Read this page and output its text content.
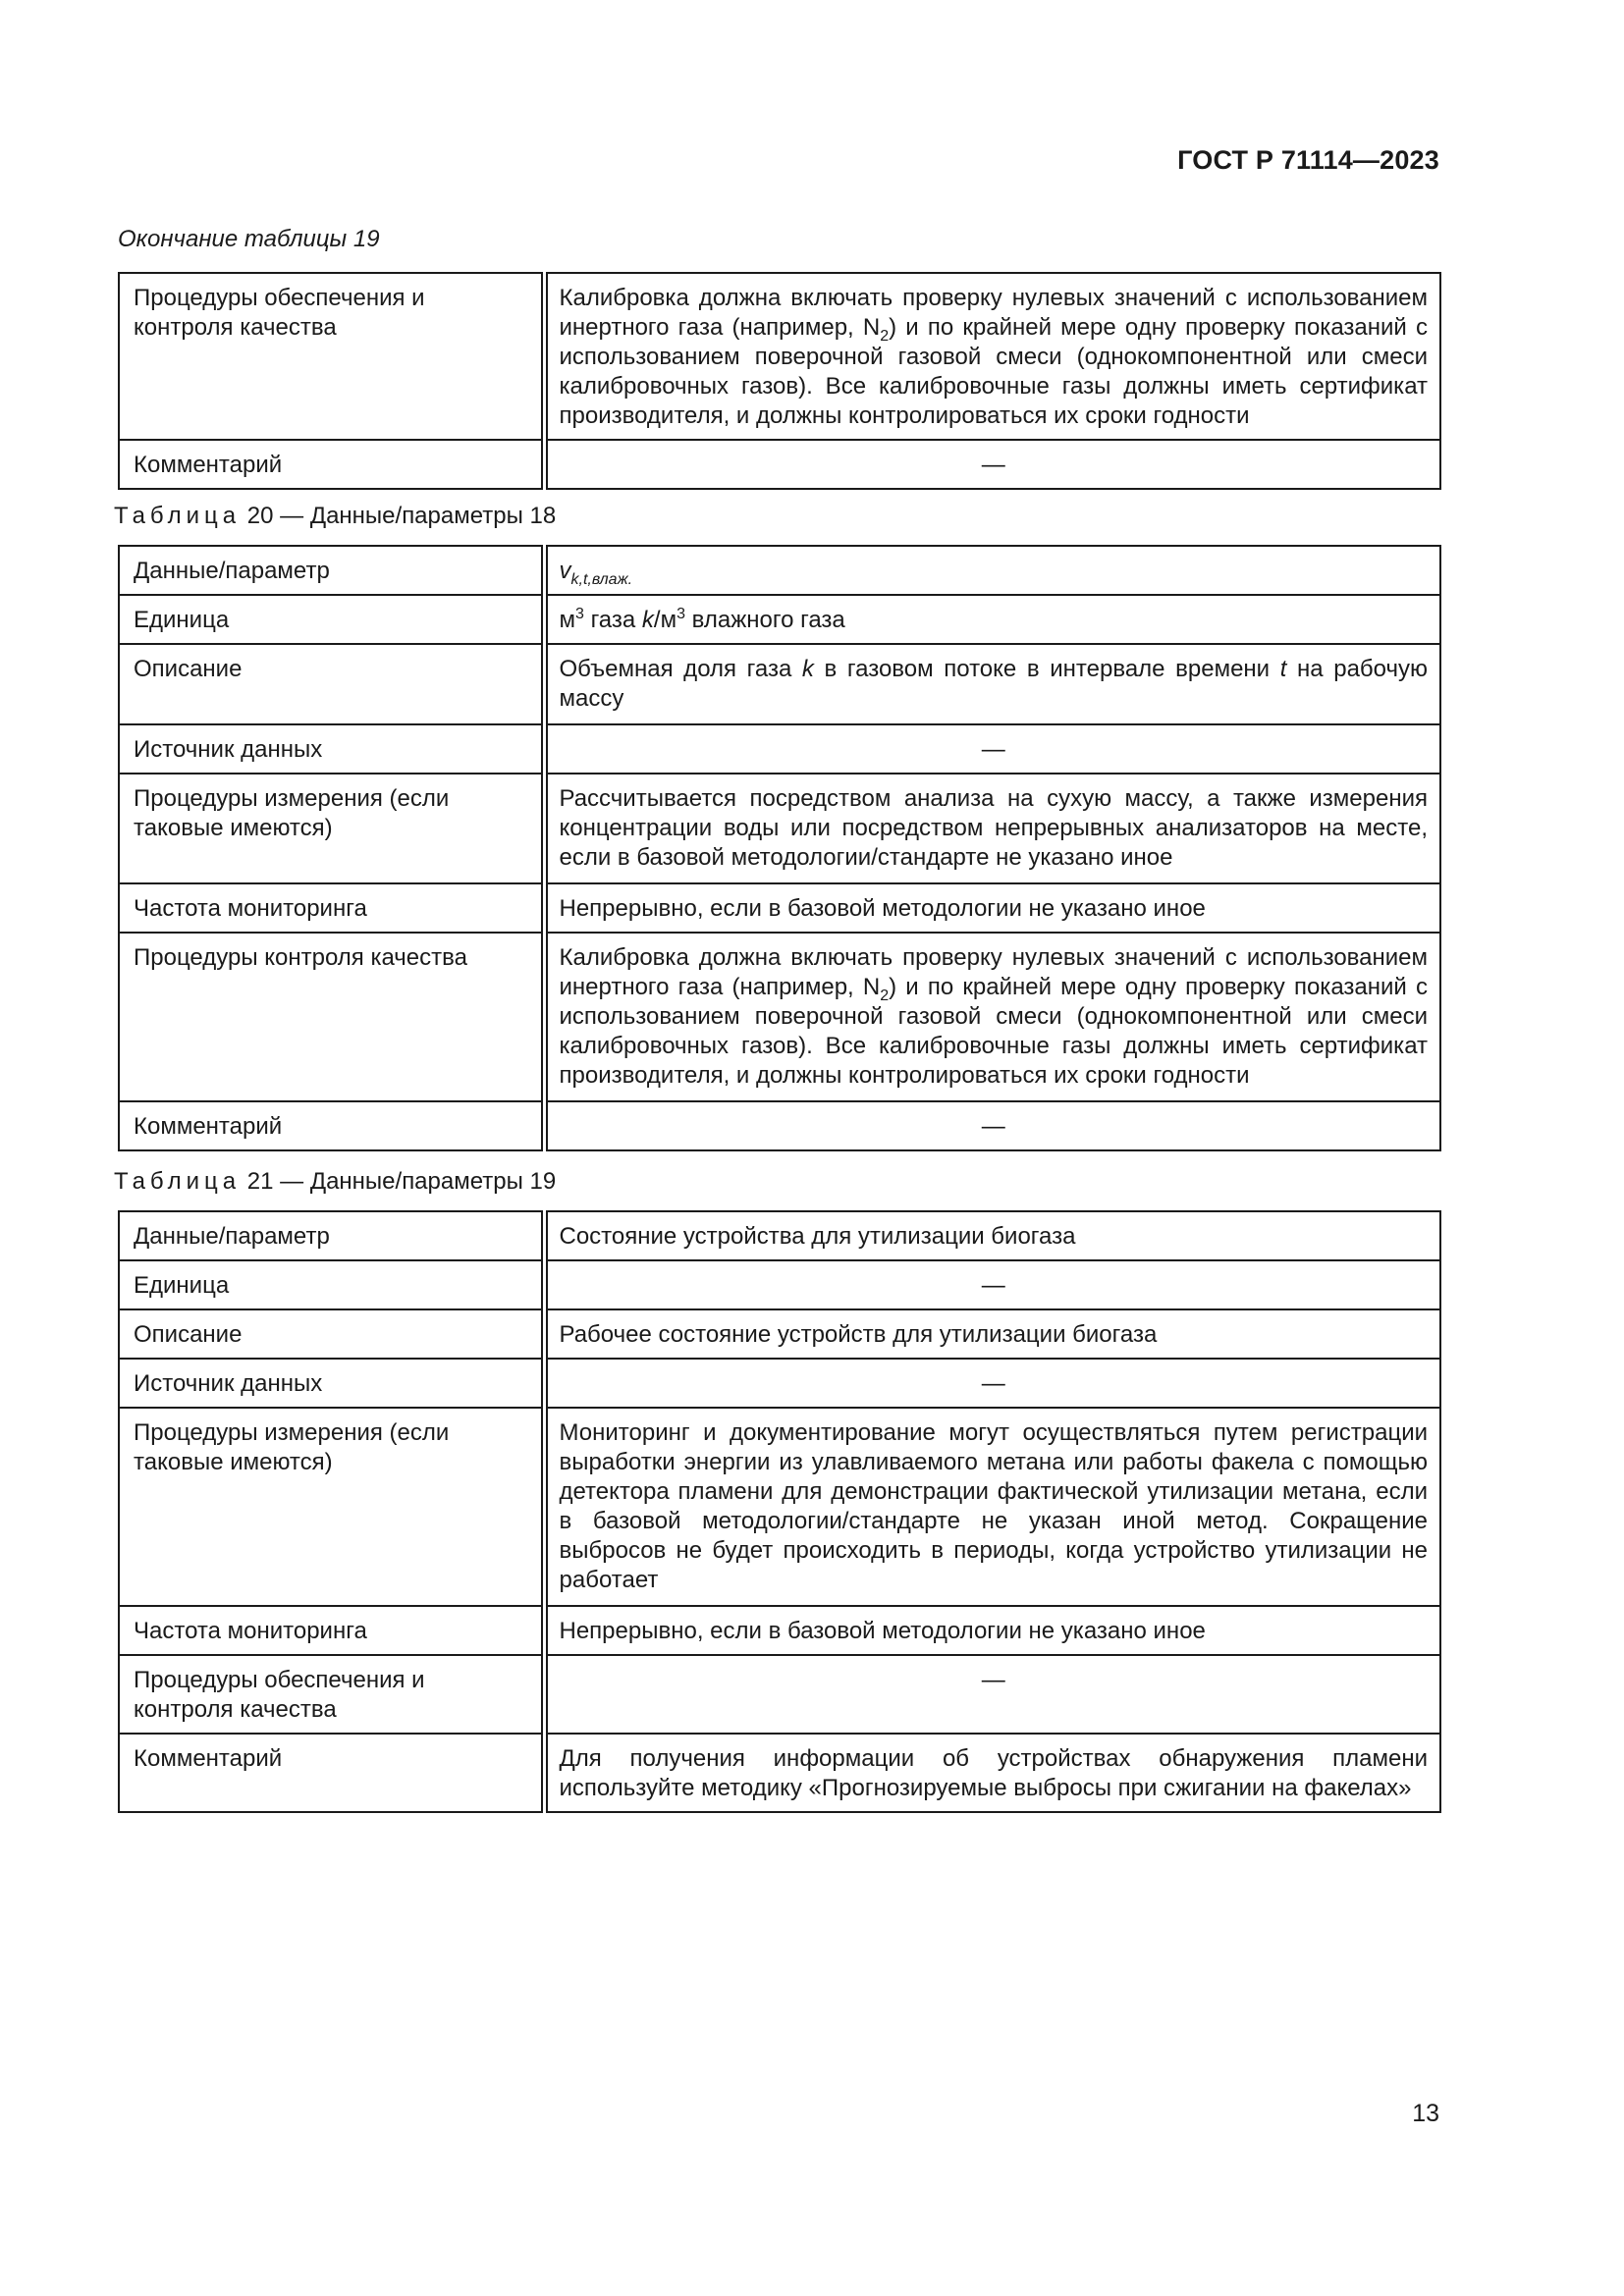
ГОСТ Р 71114—2023
Окончание таблицы 19
Процедуры обеспечения и контроля качества	Калибровка должна включать проверку нулевых значений с использованием инертного газа (например, $N_2$) и по крайней мере одну проверку показаний с использованием поверочной газовой смеси (однокомпонентной или смеси калибровочных газов). Все калибровочные газы должны иметь сертификат производителя, и должны контролироваться их сроки годности
Комментарий	—
Таблица 20 — Данные/параметры 18
Данные/параметр	$v_{k,t,влаж.}$
Единица	$м^3$ газа $k/м^3$ влажного газа
Описание	Объемная доля газа k в газовом потоке в интервале времени t на рабочую массу
Источник данных	—
Процедуры измерения (если таковые имеются)	Рассчитывается посредством анализа на сухую массу, а также измерения концентрации воды или посредством непрерывных анализаторов на месте, если в базовой методологии/стандарте не указано иное
Частота мониторинга	Непрерывно, если в базовой методологии не указано иное
Процедуры контроля качества	Калибровка должна включать проверку нулевых значений с использованием инертного газа (например, $N_2$) и по крайней мере одну проверку показаний с использованием поверочной газовой смеси (однокомпонентной или смеси калибровочных газов). Все калибровочные газы должны иметь сертификат производителя, и должны контролироваться их сроки годности
Комментарий	—
Таблица 21 — Данные/параметры 19
Данные/параметр	Состояние устройства для утилизации биогаза
Единица	—
Описание	Рабочее состояние устройств для утилизации биогаза
Источник данных	—
Процедуры измерения (если таковые имеются)	Мониторинг и документирование могут осуществляться путем регистрации выработки энергии из улавливаемого метана или работы факела с помощью детектора пламени для демонстрации фактической утилизации метана, если в базовой методологии/стандарте не указан иной метод. Сокращение выбросов не будет происходить в периоды, когда устройство утилизации не работает
Частота мониторинга	Непрерывно, если в базовой методологии не указано иное
Процедуры обеспечения и контроля качества	—
Комментарий	Для получения информации об устройствах обнаружения пламени используйте методику «Прогнозируемые выбросы при сжигании на факелах»
13
